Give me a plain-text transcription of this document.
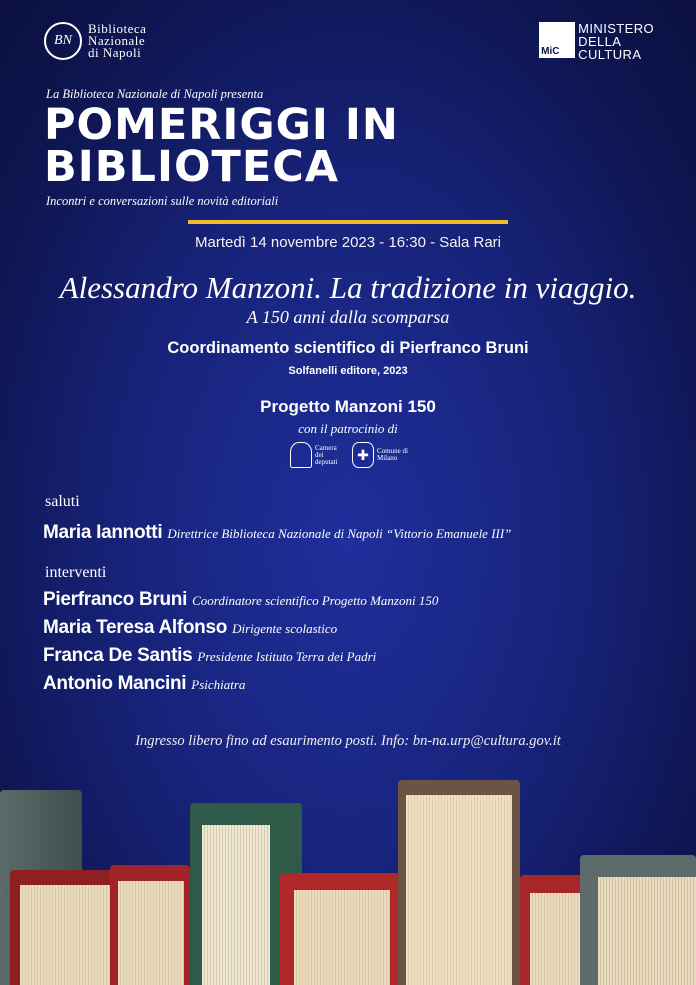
BN
Biblioteca
Nazionale
di Napoli	MiC
MINISTERO
DELLA
CULTURA
La Biblioteca Nazionale di Napoli presenta
POMERIGGI IN
BIBLIOTECA
Incontri e conversazioni sulle novità editoriali
Martedì 14 novembre 2023 - 16:30 - Sala Rari
Alessandro Manzoni. La tradizione in viaggio.
A 150 anni dalla scomparsa
Coordinamento scientifico di Pierfranco Bruni
Solfanelli editore, 2023
Progetto Manzoni 150
con il patrocinio di
Camera
dei
deputati	✚	Comune di
Milano
saluti
Maria Iannotti Direttrice Biblioteca Nazionale di Napoli “Vittorio Emanuele III”
interventi
Pierfranco Bruni Coordinatore scientifico Progetto Manzoni 150
Maria Teresa Alfonso Dirigente scolastico
Franca De Santis Presidente Istituto Terra dei Padri
Antonio Mancini Psichiatra
Ingresso libero fino ad esaurimento posti. Info: bn-na.urp@cultura.gov.it
